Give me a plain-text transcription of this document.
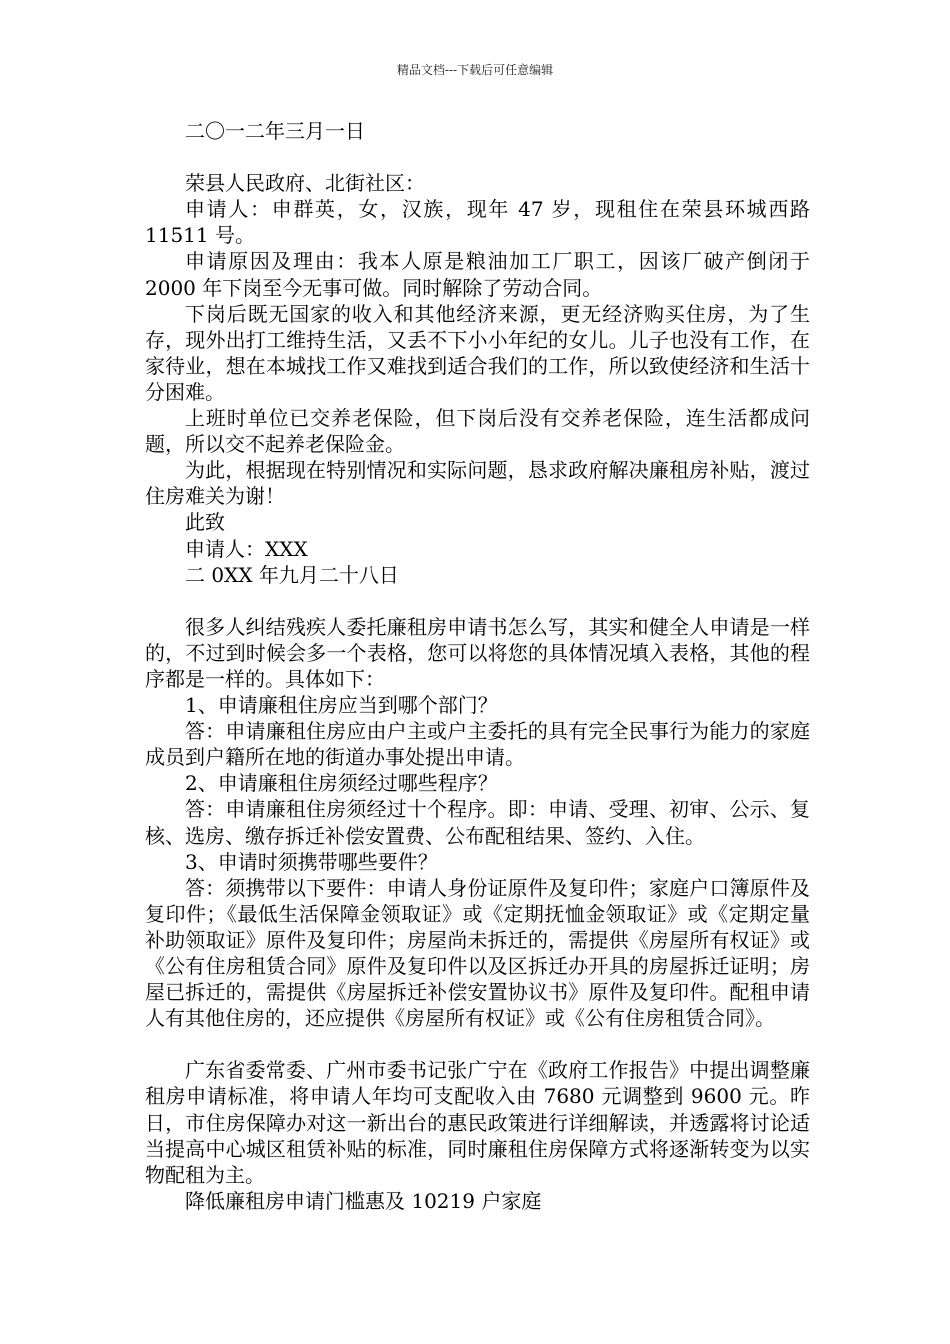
精品文档---下载后可任意编辑

二〇一二年三月一日

荣县人民政府、北街社区：

申请人：申群英，女，汉族，现年 47 岁，现租住在荣县环城西路 11511 号。

申请原因及理由：我本人原是粮油加工厂职工，因该厂破产倒闭于 2000 年下岗至今无事可做。同时解除了劳动合同。

下岗后既无国家的收入和其他经济来源，更无经济购买住房，为了生存，现外出打工维持生活，又丢不下小小年纪的女儿。儿子也没有工作，在家待业，想在本城找工作又难找到适合我们的工作，所以致使经济和生活十分困难。

上班时单位已交养老保险，但下岗后没有交养老保险，连生活都成问题，所以交不起养老保险金。

为此，根据现在特别情况和实际问题，恳求政府解决廉租房补贴，渡过住房难关为谢！

此致

申请人：XXX

二 0XX 年九月二十八日

很多人纠结残疾人委托廉租房申请书怎么写，其实和健全人申请是一样的，不过到时候会多一个表格，您可以将您的具体情况填入表格，其他的程序都是一样的。具体如下：

1、申请廉租住房应当到哪个部门？

答：申请廉租住房应由户主或户主委托的具有完全民事行为能力的家庭成员到户籍所在地的街道办事处提出申请。

2、申请廉租住房须经过哪些程序？

答：申请廉租住房须经过十个程序。即：申请、受理、初审、公示、复核、选房、缴存拆迁补偿安置费、公布配租结果、签约、入住。

3、申请时须携带哪些要件？

答：须携带以下要件：申请人身份证原件及复印件；家庭户口簿原件及复印件；《最低生活保障金领取证》或《定期抚恤金领取证》或《定期定量补助领取证》原件及复印件；房屋尚未拆迁的，需提供《房屋所有权证》或《公有住房租赁合同》原件及复印件以及区拆迁办开具的房屋拆迁证明；房屋已拆迁的，需提供《房屋拆迁补偿安置协议书》原件及复印件。配租申请人有其他住房的，还应提供《房屋所有权证》或《公有住房租赁合同》。

广东省委常委、广州市委书记张广宁在《政府工作报告》中提出调整廉租房申请标准，将申请人年均可支配收入由 7680 元调整到 9600 元。昨日，市住房保障办对这一新出台的惠民政策进行详细解读，并透露将讨论适当提高中心城区租赁补贴的标准，同时廉租住房保障方式将逐渐转变为以实物配租为主。

降低廉租房申请门槛惠及 10219 户家庭
